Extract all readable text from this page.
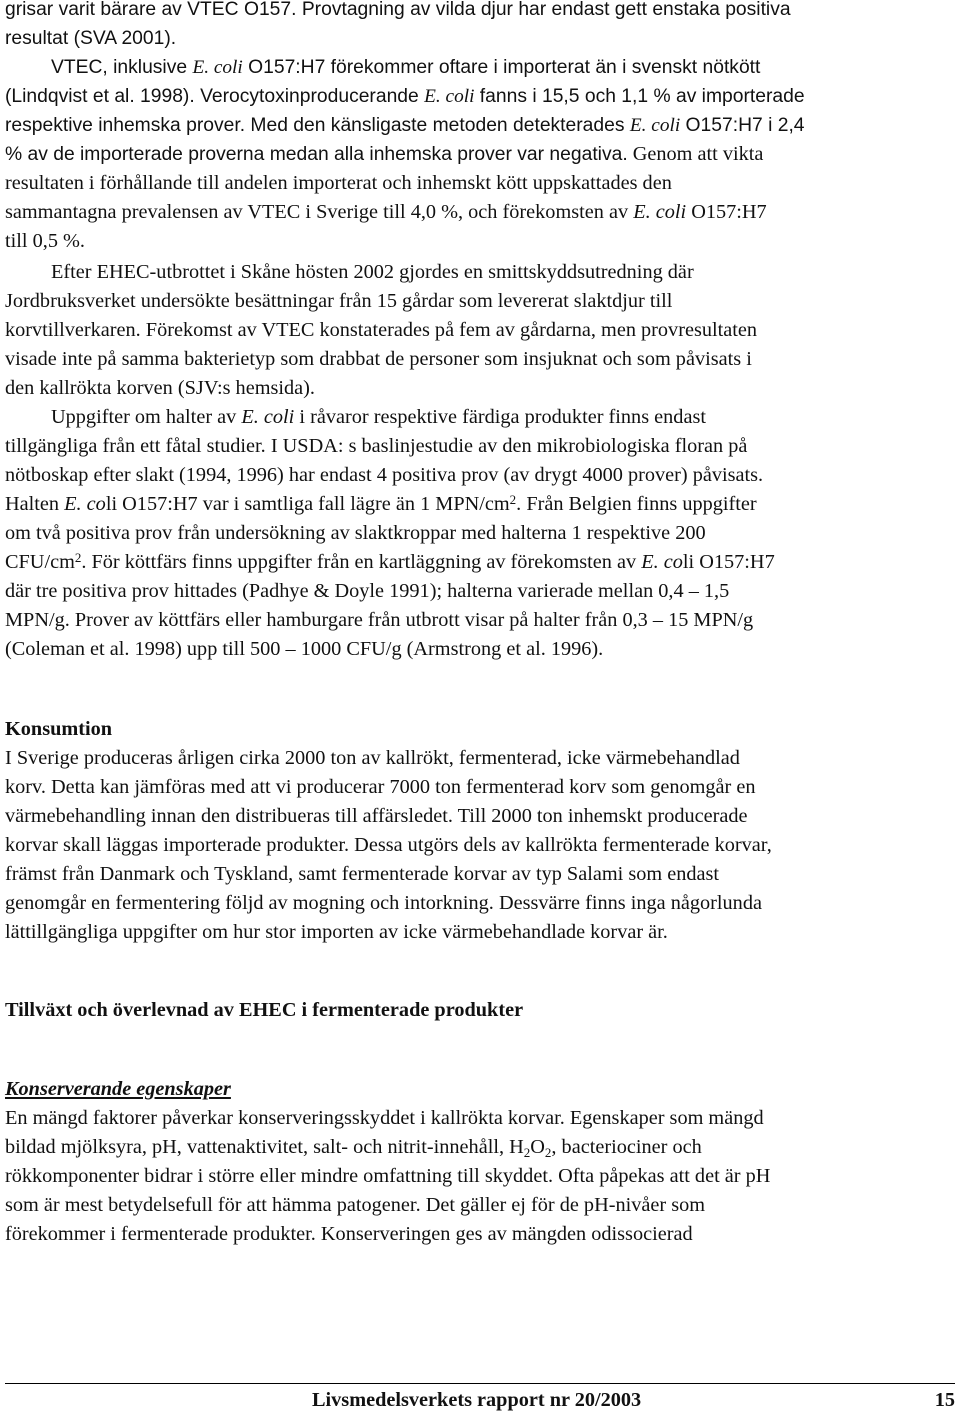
grisar varit bärare av VTEC O157. Provtagning av vilda djur har endast gett enstaka positiva
resultat (SVA 2001).
VTEC, inklusive E. coli O157:H7 förekommer oftare i importerat än i svenskt nötkött
(Lindqvist et al. 1998). Verocytoxinproducerande E. coli fanns i 15,5 och 1,1 % av importerade
respektive inhemska prover. Med den känsligaste metoden detekterades E. coli O157:H7 i 2,4
% av de importerade proverna medan alla inhemska prover var negativa. Genom att vikta
resultaten i förhållande till andelen importerat och inhemskt kött uppskattades den
sammantagna prevalensen av VTEC i Sverige till 4,0 %, och förekomsten av E. coli O157:H7
till 0,5 %.
Efter EHEC-utbrottet i Skåne hösten 2002 gjordes en smittskyddsutredning där
Jordbruksverket undersökte besättningar från 15 gårdar som levererat slaktdjur till
korvtillverkaren. Förekomst av VTEC konstaterades på fem av gårdarna, men provresultaten
visade inte på samma bakterietyp som drabbat de personer som insjuknat och som påvisats i
den kallrökta korven (SJV:s hemsida).
Uppgifter om halter av E. coli i råvaror respektive färdiga produkter finns endast
tillgängliga från ett fåtal studier. I USDA: s baslinjestudie av den mikrobiologiska floran på
nötboskap efter slakt (1994, 1996) har endast 4 positiva prov (av drygt 4000 prover) påvisats.
Halten E. coli O157:H7 var i samtliga fall lägre än 1 MPN/$cm^2$. Från Belgien finns uppgifter
om två positiva prov från undersökning av slaktkroppar med halterna 1 respektive 200
CFU/$cm^2$. För köttfärs finns uppgifter från en kartläggning av förekomsten av E. coli O157:H7
där tre positiva prov hittades (Padhye & Doyle 1991); halterna varierade mellan 0,4 – 1,5
MPN/g. Prover av köttfärs eller hamburgare från utbrott visar på halter från 0,3 – 15 MPN/g
(Coleman et al. 1998) upp till 500 – 1000 CFU/g (Armstrong et al. 1996).
Konsumtion
I Sverige produceras årligen cirka 2000 ton av kallrökt, fermenterad, icke värmebehandlad
korv. Detta kan jämföras med att vi producerar 7000 ton fermenterad korv som genomgår en
värmebehandling innan den distribueras till affärsledet. Till 2000 ton inhemskt producerade
korvar skall läggas importerade produkter. Dessa utgörs dels av kallrökta fermenterade korvar,
främst från Danmark och Tyskland, samt fermenterade korvar av typ Salami som endast
genomgår en fermentering följd av mogning och intorkning. Dessvärre finns inga någorlunda
lättillgängliga uppgifter om hur stor importen av icke värmebehandlade korvar är.
Tillväxt och överlevnad av EHEC i fermenterade produkter
Konserverande egenskaper
En mängd faktorer påverkar konserveringsskyddet i kallrökta korvar. Egenskaper som mängd
bildad mjölksyra, pH, vattenaktivitet, salt- och nitrit-innehåll, $H_2O_2$, bacteriociner och
rökkomponenter bidrar i större eller mindre omfattning till skyddet. Ofta påpekas att det är pH
som är mest betydelsefull för att hämma patogener. Det gäller ej för de pH-nivåer som
förekommer i fermenterade produkter. Konserveringen ges av mängden odissocierad
Livsmedelsverkets rapport nr 20/2003	15
